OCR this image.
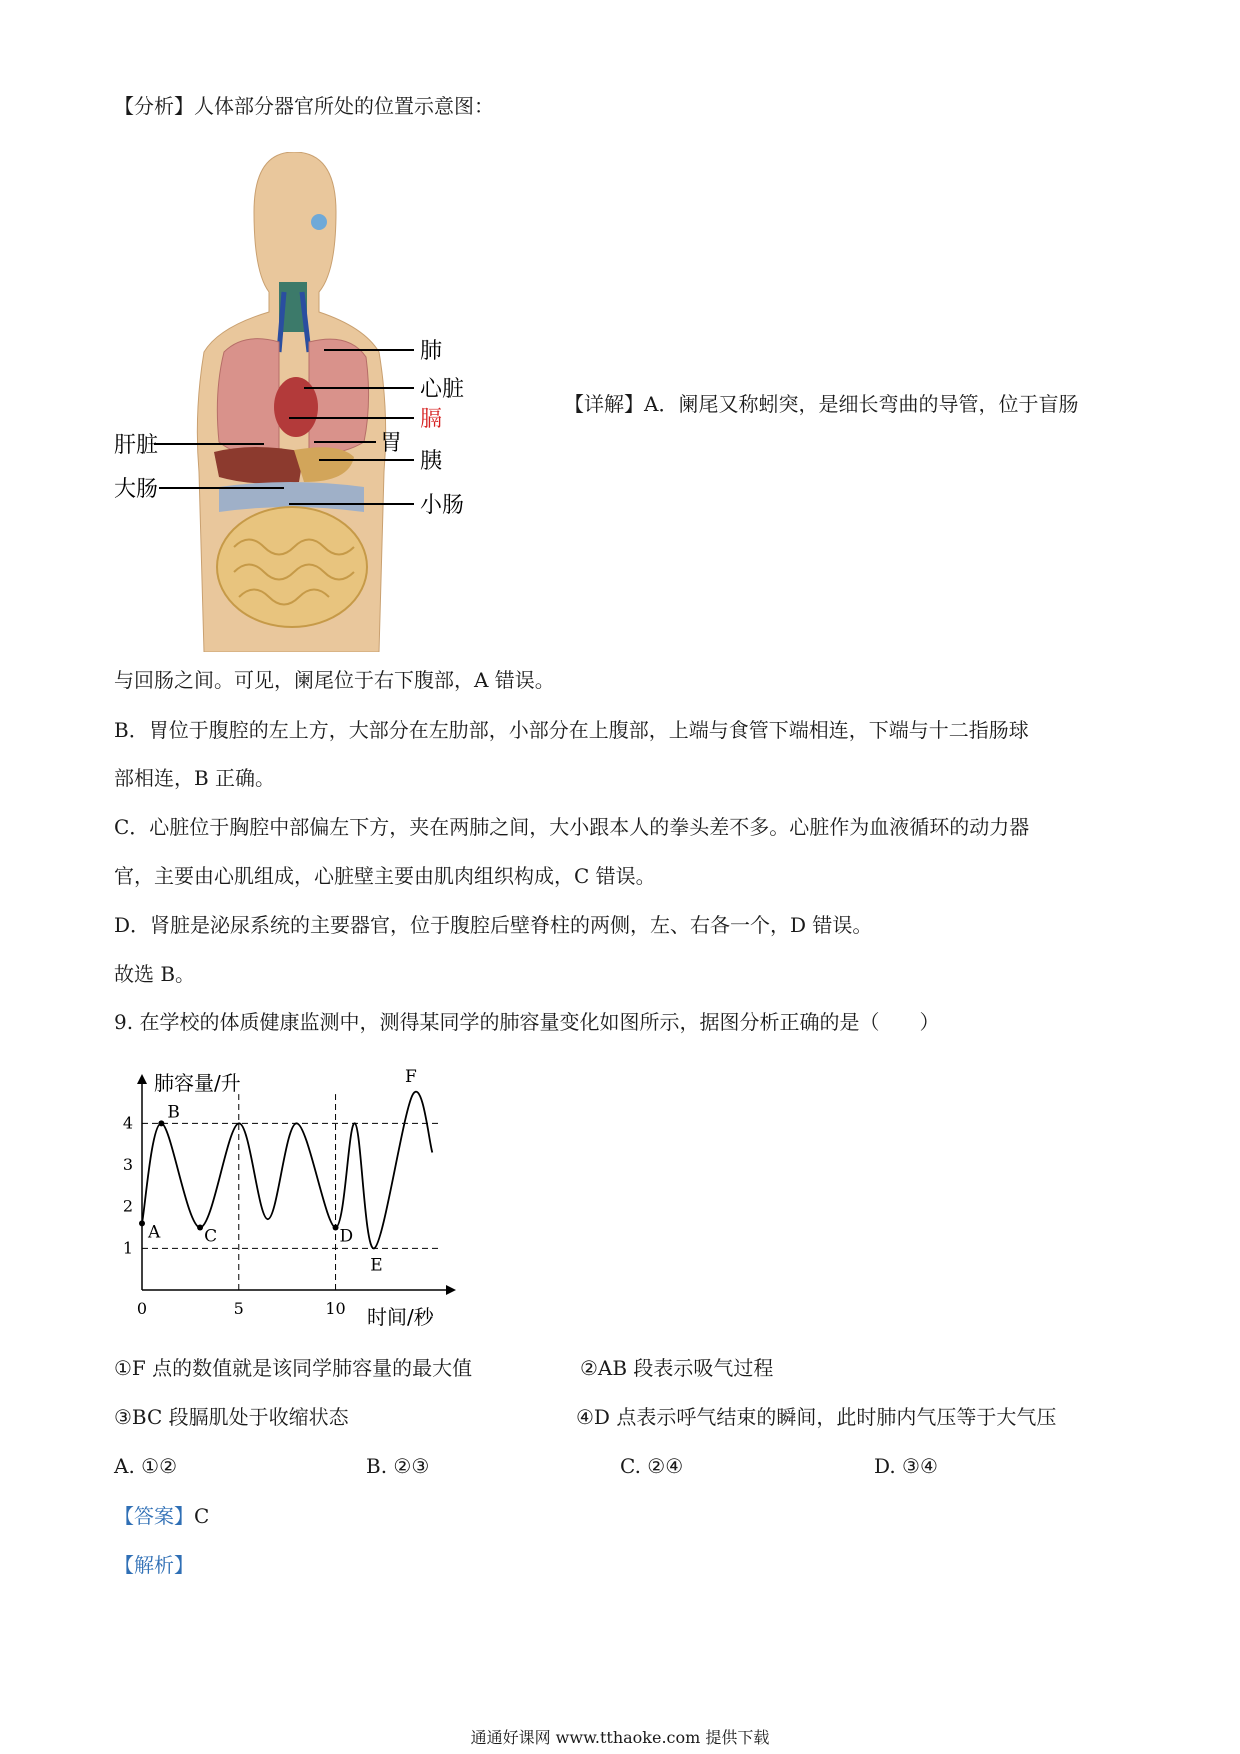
【分析】人体部分器官所处的位置示意图：
肺
心脏
膈
肝脏	胃
胰
大肠
小肠
【详解】A．阑尾又称蚓突，是细长弯曲的导管，位于盲肠
与回肠之间。可见，阑尾位于右下腹部，A 错误。
B．胃位于腹腔的左上方，大部分在左肋部，小部分在上腹部，上端与食管下端相连，下端与十二指肠球
部相连，B 正确。
C．心脏位于胸腔中部偏左下方，夹在两肺之间，大小跟本人的拳头差不多。心脏作为血液循环的动力器
官，主要由心肌组成，心脏壁主要由肌肉组织构成，C 错误。
D．肾脏是泌尿系统的主要器官，位于腹腔后壁脊柱的两侧，左、右各一个，D 错误。
故选 B。
9. 在学校的体质健康监测中，测得某同学的肺容量变化如图所示，据图分析正确的是（　　）
1
2
3
4
0	5	10
肺容量/升
时间/秒
A
B
C	D
E
F
①F 点的数值就是该同学肺容量的最大值	②AB 段表示吸气过程
③BC 段膈肌处于收缩状态	④D 点表示呼气结束的瞬间，此时肺内气压等于大气压
A. ①②	B. ②③	C. ②④	D. ③④
【答案】C
【解析】
通通好课网 www.tthaoke.com 提供下载
